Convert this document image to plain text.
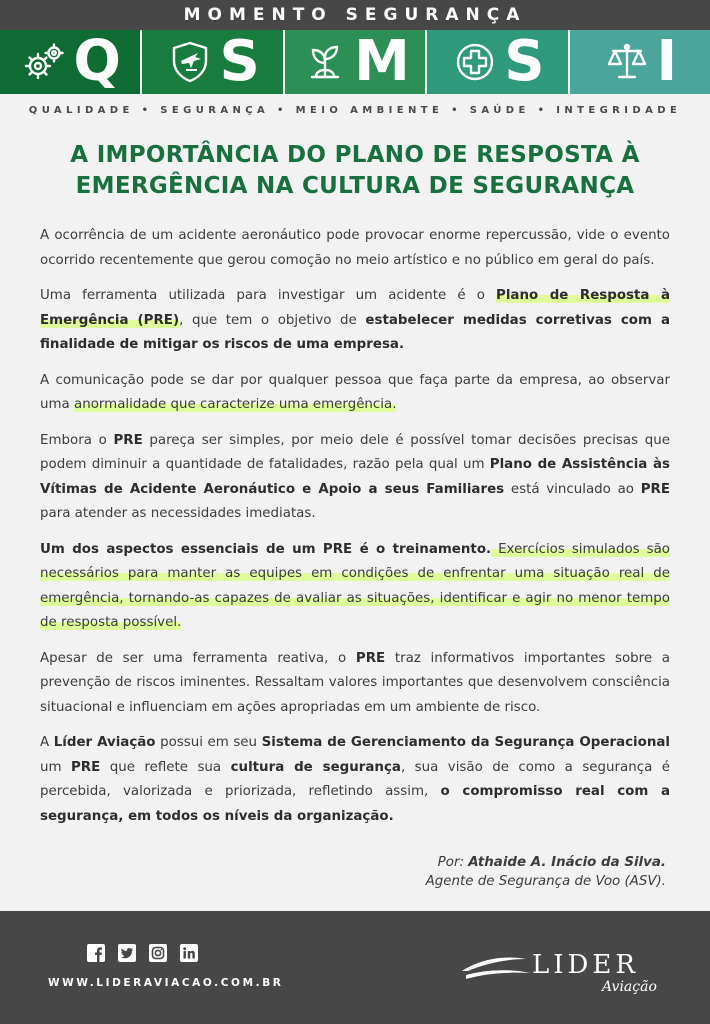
MOMENTO SEGURANÇA
Q S M S I
QUALIDADE • SEGURANÇA • MEIO AMBIENTE • SAÚDE • INTEGRIDADE
A IMPORTÂNCIA DO PLANO DE RESPOSTA À EMERGÊNCIA NA CULTURA DE SEGURANÇA

A ocorrência de um acidente aeronáutico pode provocar enorme repercussão, vide o evento ocorrido recentemente que gerou comoção no meio artístico e no público em geral do país.

Uma ferramenta utilizada para investigar um acidente é o Plano de Resposta à Emergência (PRE), que tem o objetivo de estabelecer medidas corretivas com a finalidade de mitigar os riscos de uma empresa.

A comunicação pode se dar por qualquer pessoa que faça parte da empresa, ao observar uma anormalidade que caracterize uma emergência.

Embora o PRE pareça ser simples, por meio dele é possível tomar decisões precisas que podem diminuir a quantidade de fatalidades, razão pela qual um Plano de Assistência às Vítimas de Acidente Aeronáutico e Apoio a seus Familiares está vinculado ao PRE para atender as necessidades imediatas.

Um dos aspectos essenciais de um PRE é o treinamento. Exercícios simulados são necessários para manter as equipes em condições de enfrentar uma situação real de emergência, tornando-as capazes de avaliar as situações, identificar e agir no menor tempo de resposta possível.

Apesar de ser uma ferramenta reativa, o PRE traz informativos importantes sobre a prevenção de riscos iminentes. Ressaltam valores importantes que desenvolvem consciência situacional e influenciam em ações apropriadas em um ambiente de risco.

A Líder Aviação possui em seu Sistema de Gerenciamento da Segurança Operacional um PRE que reflete sua cultura de segurança, sua visão de como a segurança é percebida, valorizada e priorizada, refletindo assim, o compromisso real com a segurança, em todos os níveis da organização.

Por: Athaide A. Inácio da Silva.
Agente de Segurança de Voo (ASV).
WWW.LIDERAVIACAO.COM.BR
LIDER
Aviação
